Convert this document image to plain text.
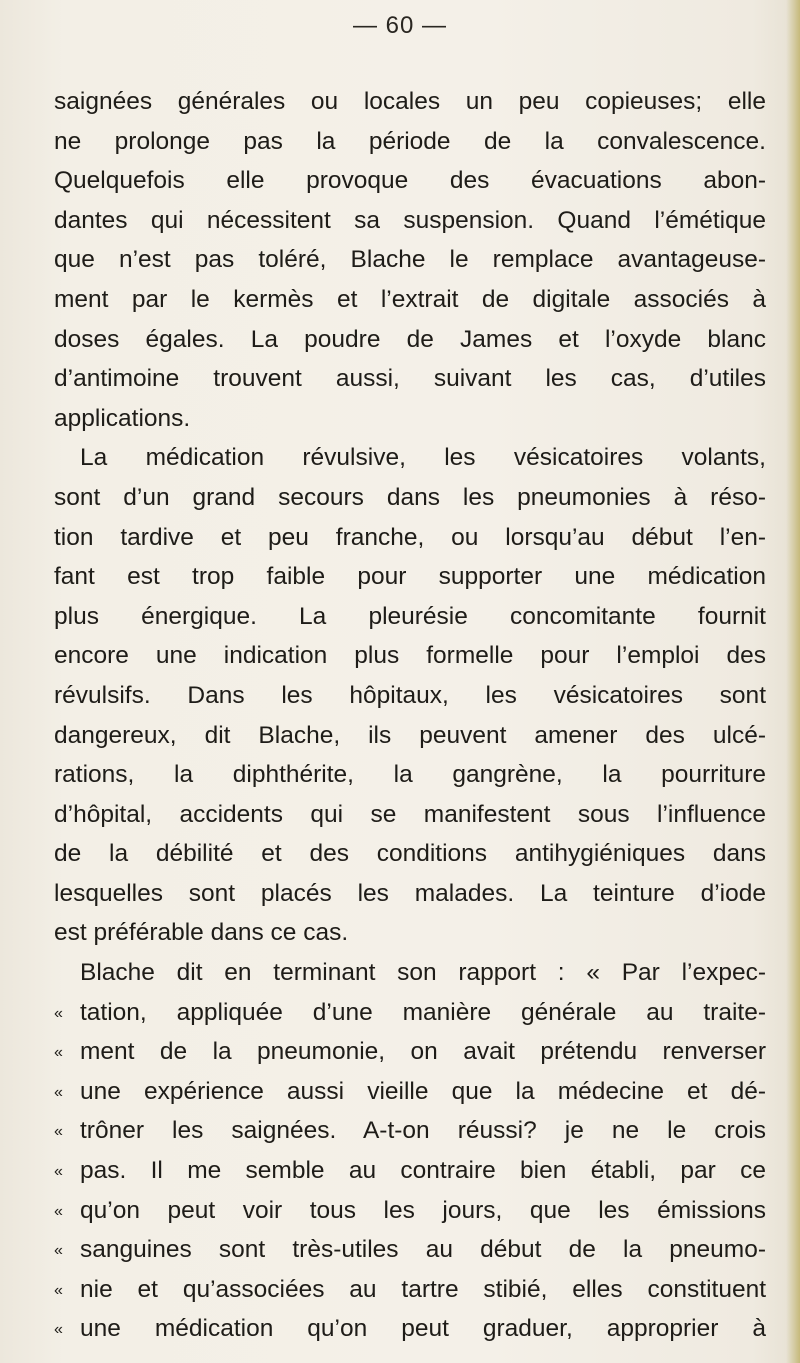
— 60 —
saignées générales ou locales un peu copieuses; elle
ne prolonge pas la période de la convalescence.
Quelquefois elle provoque des évacuations abon-
dantes qui nécessitent sa suspension. Quand l’émétique
que n’est pas toléré, Blache le remplace avantageuse-
ment par le kermès et l’extrait de digitale associés à
doses égales. La poudre de James et l’oxyde blanc
d’antimoine trouvent aussi, suivant les cas, d’utiles
applications.
La médication révulsive, les vésicatoires volants,
sont d’un grand secours dans les pneumonies à réso-
tion tardive et peu franche, ou lorsqu’au début l’en-
fant est trop faible pour supporter une médication
plus énergique. La pleurésie concomitante fournit
encore une indication plus formelle pour l’emploi des
révulsifs. Dans les hôpitaux, les vésicatoires sont
dangereux, dit Blache, ils peuvent amener des ulcé-
rations, la diphthérite, la gangrène, la pourriture
d’hôpital, accidents qui se manifestent sous l’influence
de la débilité et des conditions antihygiéniques dans
lesquelles sont placés les malades. La teinture d’iode
est préférable dans ce cas.
Blache dit en terminant son rapport : « Par l’expec-
« tation, appliquée d’une manière générale au traite-
« ment de la pneumonie, on avait prétendu renverser
« une expérience aussi vieille que la médecine et dé-
« trôner les saignées. A-t-on réussi? je ne le crois
« pas. Il me semble au contraire bien établi, par ce
« qu’on peut voir tous les jours, que les émissions
« sanguines sont très-utiles au début de la pneumo-
« nie et qu’associées au tartre stibié, elles constituent
« une médication qu’on peut graduer, approprier à
